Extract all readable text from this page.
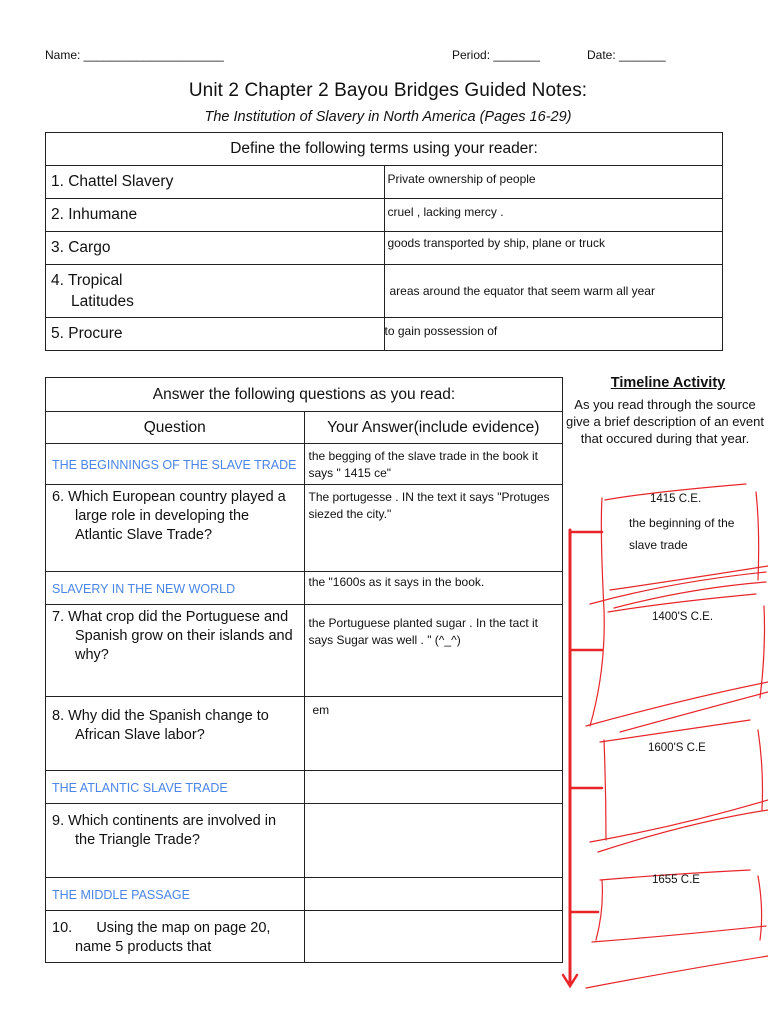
Name: _____________________	Period: _______	Date: _______
Unit 2 Chapter 2 Bayou Bridges Guided Notes:
The Institution of Slavery in North America (Pages 16-29)
Define the following terms using your reader:	
1. Chattel Slavery	Private ownership of people
2. Inhumane	cruel , lacking mercy .
3. Cargo	goods transported by ship, plane or truck
4. Tropical
Latitudes	areas around the equator that seem warm all year
5. Procure	to gain possession of
Answer the following questions as you read:	
Question	Your Answer(include evidence)

THE BEGINNINGS OF THE SLAVE TRADE	the begging of the slave trade in the book it says " 1415 ce"

6. Which European country played a large role in developing the Atlantic Slave Trade?	The portugesse . IN the text it says "Protuges siezed the city."
SLAVERY IN THE NEW WORLD	the "1600s as it says in the book.

7. What crop did the Portuguese and Spanish grow on their islands and why?	the Portuguese planted sugar . In the tact it says Sugar was well . " (^_^)

8. Why did the Spanish change to African Slave labor?	em
THE ATLANTIC SLAVE TRADE	

9. Which continents are involved in the Triangle Trade?	

THE MIDDLE PASSAGE	

10.      Using the map on page 20, name 5 products that	

Timeline Activity
As you read through the source give a brief description of an event that occured during that year.
1415 C.E.
the beginning of the
slave trade
1400'S C.E.
1600'S C.E
1655 C.E
